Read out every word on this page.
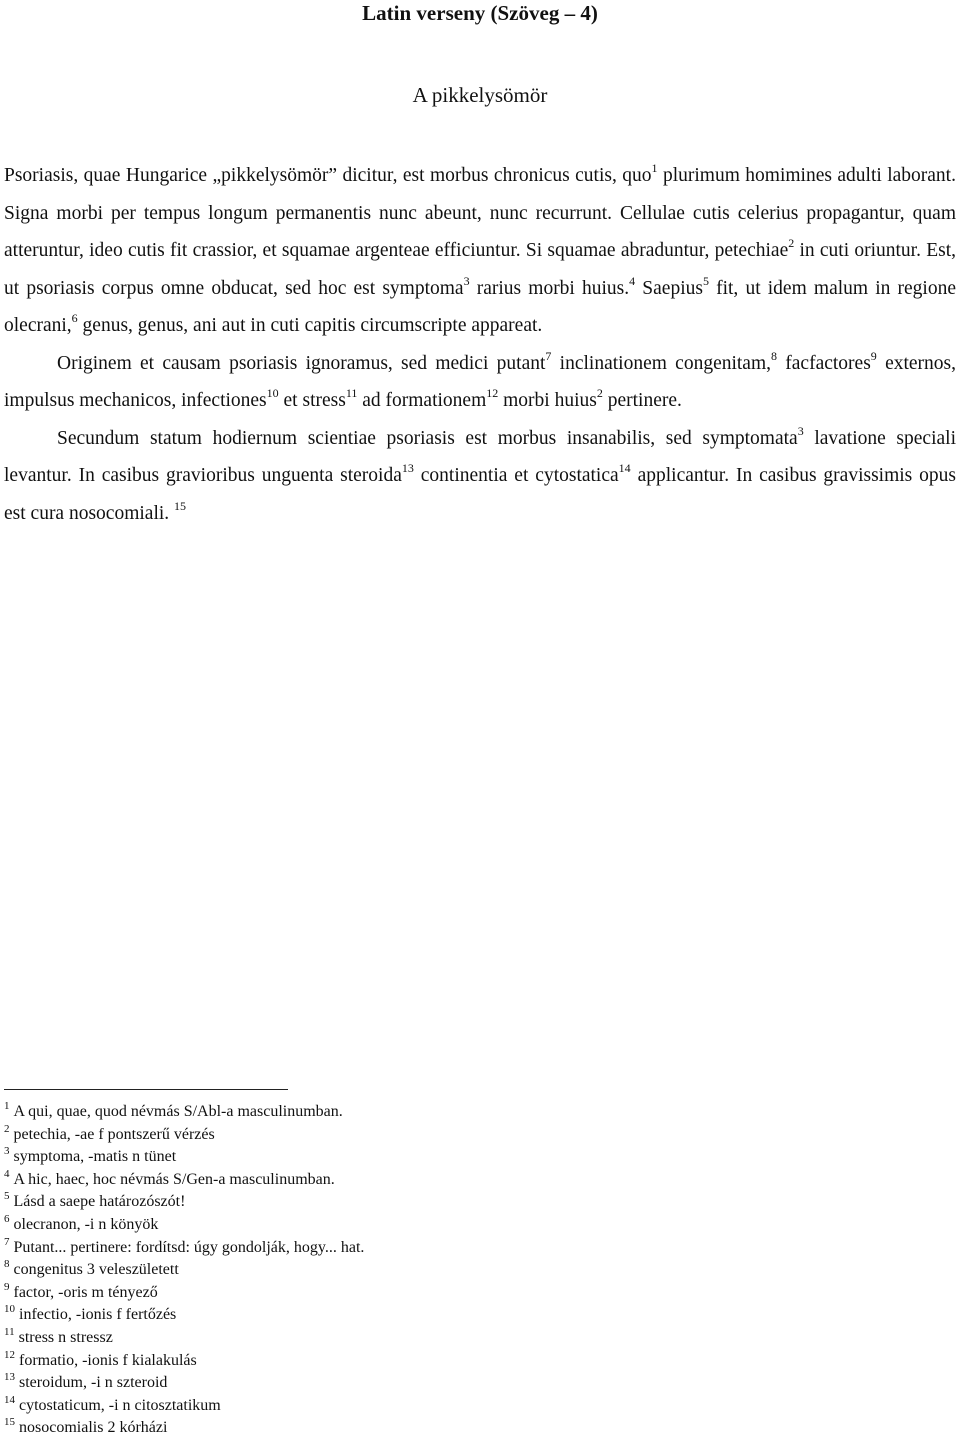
Latin verseny (Szöveg – 4)
A pikkelysömör

Psoriasis, quae Hungarice „pikkelysömör” dicitur, est morbus chronicus cutis, quo$^1$ plurimum homimines adulti laborant. Signa morbi per tempus longum permanentis nunc abeunt, nunc recurrunt. Cellulae cutis celerius propagantur, quam atteruntur, ideo cutis fit crassior, et squamae argenteae efficiuntur. Si squamae abraduntur, petechiae$^2$ in cuti oriuntur. Est, ut psoriasis corpus omne obducat, sed hoc est symptoma$^3$ rarius morbi huius.$^4$ Saepius$^5$ fit, ut idem malum in regione olecrani,$^6$ genus, genus, ani aut in cuti capitis circumscripte appareat.

Originem et causam psoriasis ignoramus, sed medici putant$^7$ inclinationem congenitam,$^8$ facfactores$^9$ externos, impulsus mechanicos, infectiones$^{10}$ et stress$^{11}$ ad formationem$^{12}$ morbi huius$^2$ pertinere.

Secundum statum hodiernum scientiae psoriasis est morbus insanabilis, sed symptomata$^3$ lavatione speciali levantur. In casibus gravioribus unguenta steroida$^{13}$ continentia et cytostatica$^{14}$ applicantur. In casibus gravissimis opus est cura nosocomiali. $^{15}$

$^1$ A qui, quae, quod névmás S/Abl-a masculinumban.
$^2$ petechia, -ae f pontszerű vérzés
$^3$ symptoma, -matis n tünet
$^4$ A hic, haec, hoc névmás S/Gen-a masculinumban.
$^5$ Lásd a saepe határozószót!
$^6$ olecranon, -i n könyök
$^7$ Putant... pertinere: fordítsd: úgy gondolják, hogy... hat.
$^8$ congenitus 3 veleszületett
$^9$ factor, -oris m tényező
$^{10}$ infectio, -ionis f fertőzés
$^{11}$ stress n stressz
$^{12}$ formatio, -ionis f kialakulás
$^{13}$ steroidum, -i n szteroid
$^{14}$ cytostaticum, -i n citosztatikum
$^{15}$ nosocomialis 2 kórházi
